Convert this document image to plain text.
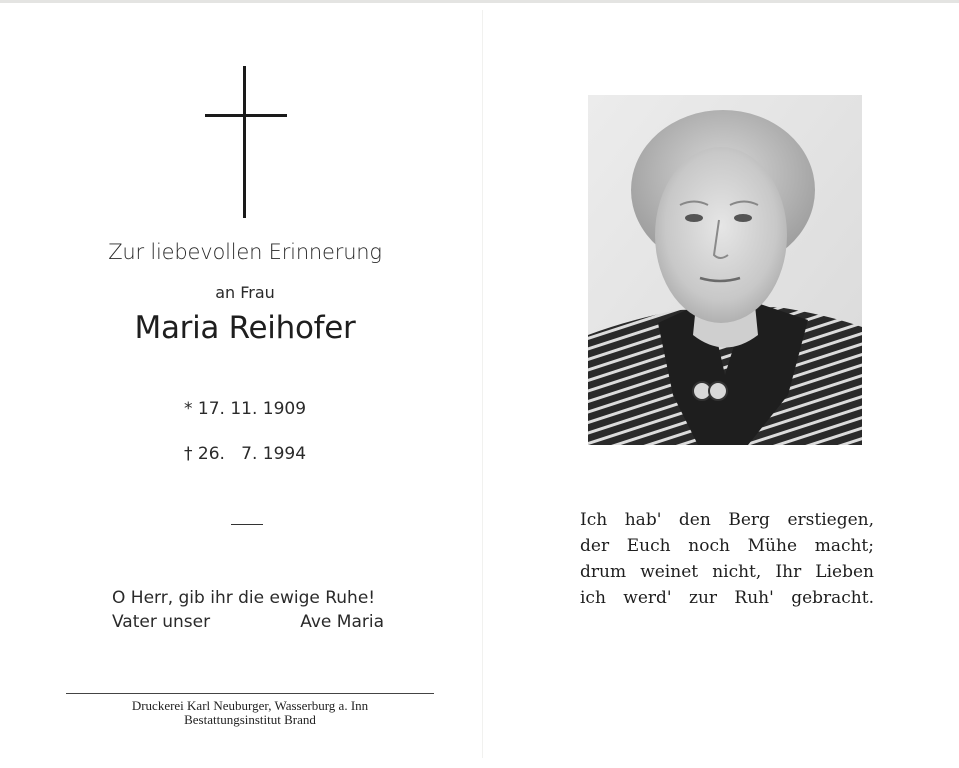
Zur liebevollen Erinnerung
an Frau
Maria Reihofer
* 17. 11. 1909
† 26.   7. 1994
O Herr, gib ihr die ewige Ruhe!
Vater unser	Ave Maria
Druckerei Karl Neuburger, Wasserburg a. Inn
Bestattungsinstitut Brand
Ich hab' den Berg erstiegen,
der Euch noch Mühe macht;
drum weinet nicht, Ihr Lieben
ich werd' zur Ruh' gebracht.
